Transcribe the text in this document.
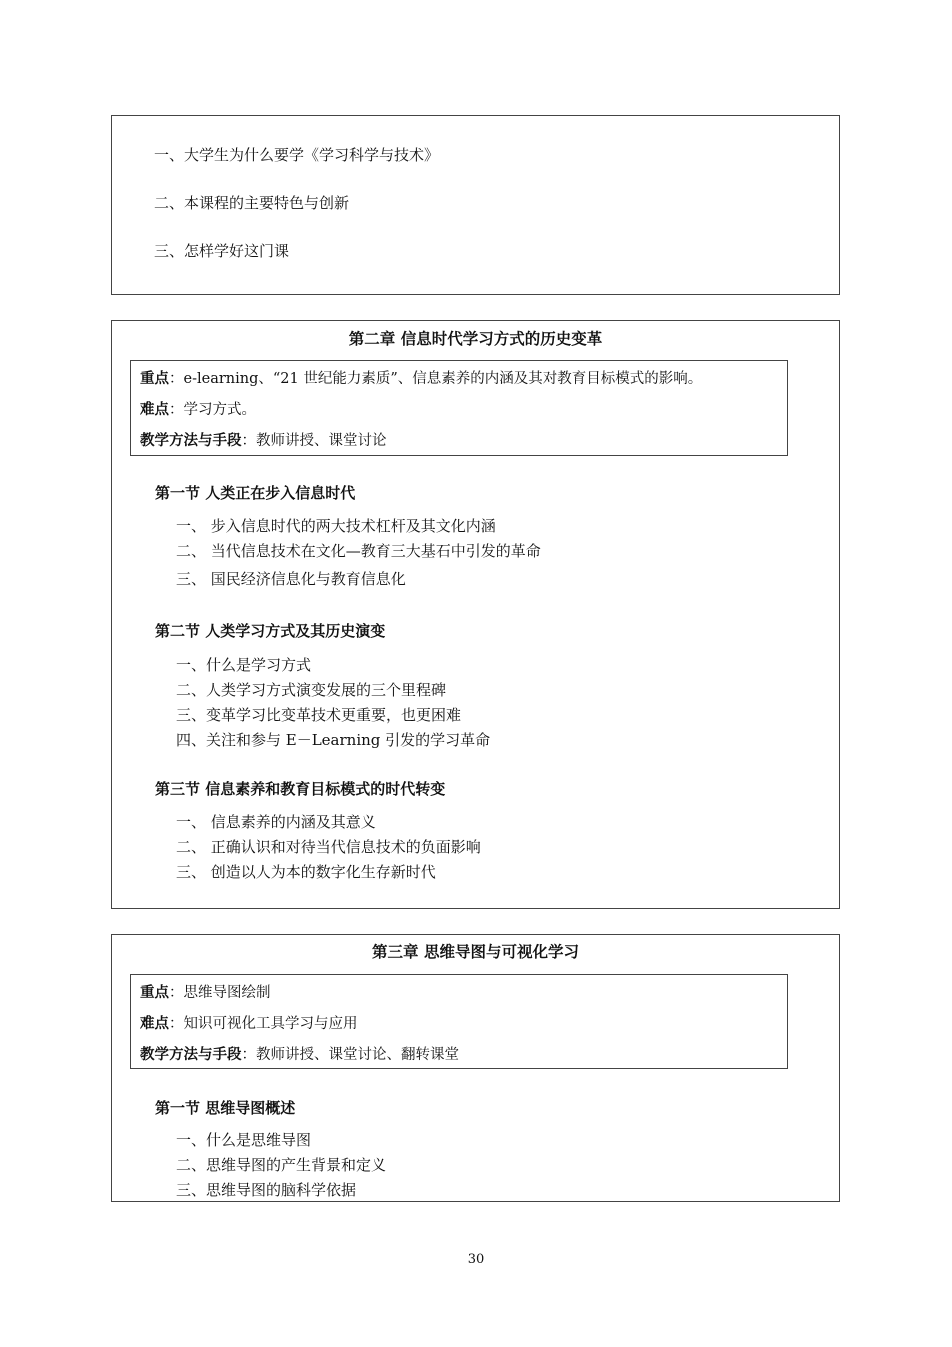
一、大学生为什么要学《学习科学与技术》
二、本课程的主要特色与创新
三、怎样学好这门课
第二章 信息时代学习方式的历史变革
重点：e-learning、“21 世纪能力素质”、信息素养的内涵及其对教育目标模式的影响。
难点：学习方式。
教学方法与手段：教师讲授、课堂讨论
第一节 人类正在步入信息时代
一、 步入信息时代的两大技术杠杆及其文化内涵
二、 当代信息技术在文化—教育三大基石中引发的革命
三、 国民经济信息化与教育信息化
第二节 人类学习方式及其历史演变
一、什么是学习方式
二、人类学习方式演变发展的三个里程碑
三、变革学习比变革技术更重要，也更困难
四、关注和参与 E－Learning 引发的学习革命
第三节 信息素养和教育目标模式的时代转变
一、 信息素养的内涵及其意义
二、 正确认识和对待当代信息技术的负面影响
三、 创造以人为本的数字化生存新时代
第三章 思维导图与可视化学习
重点：思维导图绘制
难点：知识可视化工具学习与应用
教学方法与手段：教师讲授、课堂讨论、翻转课堂
第一节 思维导图概述
一、什么是思维导图
二、思维导图的产生背景和定义
三、思维导图的脑科学依据
30
